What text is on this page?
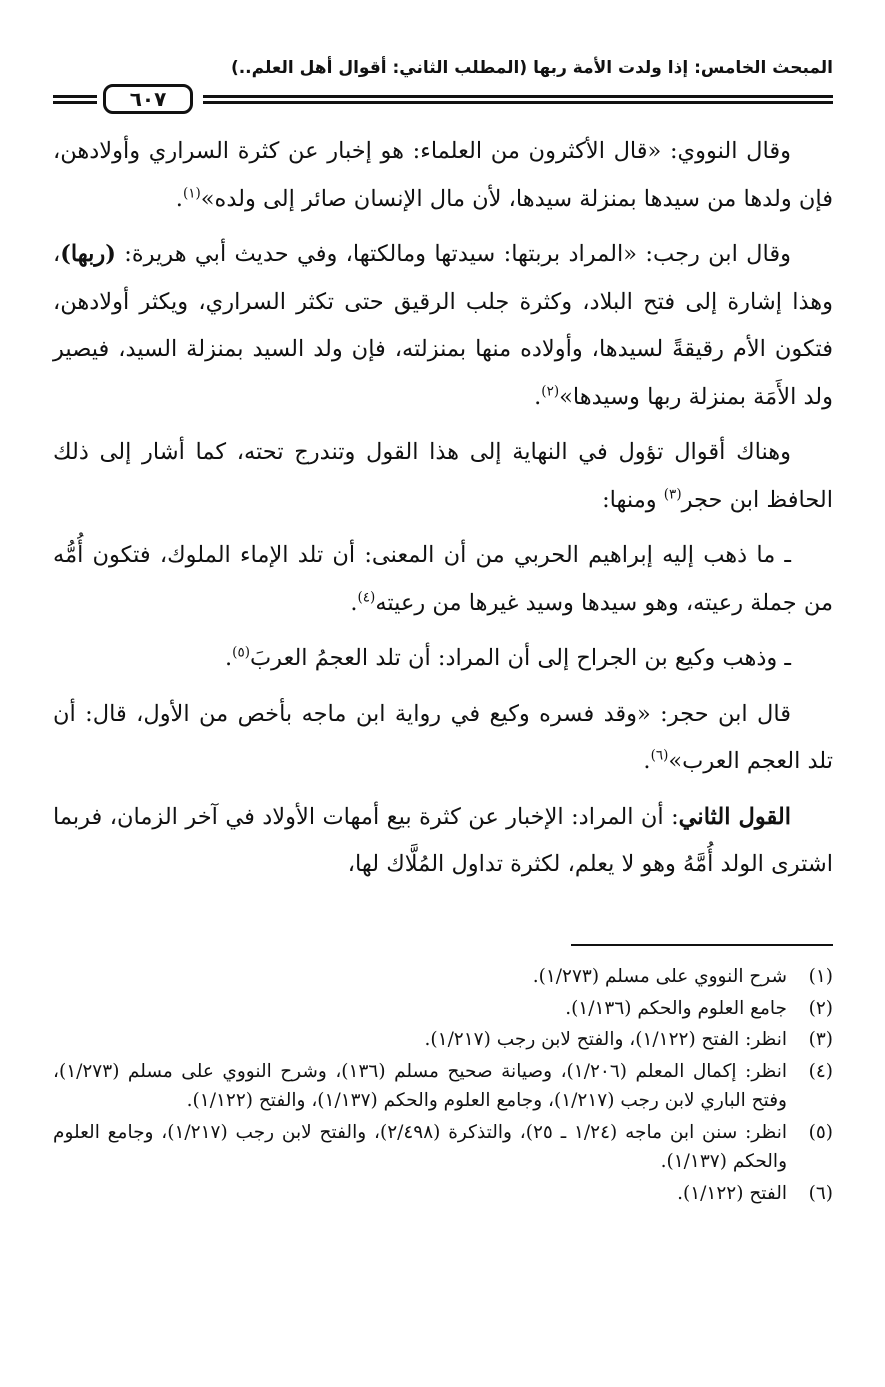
المبحث الخامس: إذا ولدت الأمة ربها (المطلب الثاني: أقوال أهل العلم..)
٦٠٧

وقال النووي: «قال الأكثرون من العلماء: هو إخبار عن كثرة السراري وأولادهن، فإن ولدها من سيدها بمنزلة سيدها، لأن مال الإنسان صائر إلى ولده»$^{(١)}$.

وقال ابن رجب: «المراد بربتها: سيدتها ومالكتها، وفي حديث أبي هريرة: (ربها)، وهذا إشارة إلى فتح البلاد، وكثرة جلب الرقيق حتى تكثر السراري، ويكثر أولادهن، فتكون الأم رقيقةً لسيدها، وأولاده منها بمنزلته، فإن ولد السيد بمنزلة السيد، فيصير ولد الأَمَة بمنزلة ربها وسيدها»$^{(٢)}$.

وهناك أقوال تؤول في النهاية إلى هذا القول وتندرج تحته، كما أشار إلى ذلك الحافظ ابن حجر$^{(٣)}$ ومنها:

ـ ما ذهب إليه إبراهيم الحربي من أن المعنى: أن تلد الإماء الملوك، فتكون أُمُّه من جملة رعيته، وهو سيدها وسيد غيرها من رعيته$^{(٤)}$.

ـ وذهب وكيع بن الجراح إلى أن المراد: أن تلد العجمُ العربَ$^{(٥)}$.

قال ابن حجر: «وقد فسره وكيع في رواية ابن ماجه بأخص من الأول، قال: أن تلد العجم العرب»$^{(٦)}$.

القول الثاني: أن المراد: الإخبار عن كثرة بيع أمهات الأولاد في آخر الزمان، فربما اشترى الولد أُمَّهُ وهو لا يعلم، لكثرة تداول المُلَّاك لها،

(١)
شرح النووي على مسلم (١/٢٧٣).
(٢)
جامع العلوم والحكم (١/١٣٦).
(٣)
انظر: الفتح (١/١٢٢)، والفتح لابن رجب (١/٢١٧).
(٤)
انظر: إكمال المعلم (١/٢٠٦)، وصيانة صحيح مسلم (١٣٦)، وشرح النووي على مسلم (١/٢٧٣)، وفتح الباري لابن رجب (١/٢١٧)، وجامع العلوم والحكم (١/١٣٧)، والفتح (١/١٢٢).
(٥)
انظر: سنن ابن ماجه (١/٢٤ ـ ٢٥)، والتذكرة (٢/٤٩٨)، والفتح لابن رجب (١/٢١٧)، وجامع العلوم والحكم (١/١٣٧).
(٦)
الفتح (١/١٢٢).
